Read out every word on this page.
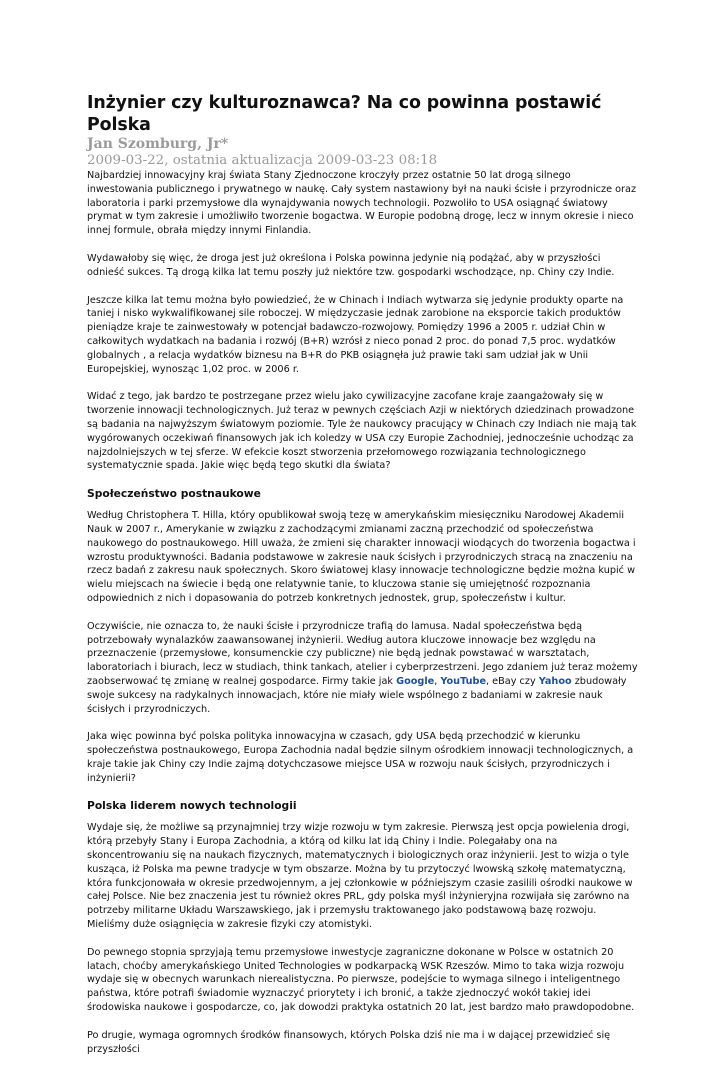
Inżynier czy kulturoznawca? Na co powinna postawić Polska
Jan Szomburg, Jr*
2009-03-22, ostatnia aktualizacja 2009-03-23 08:18

Najbardziej innowacyjny kraj świata Stany Zjednoczone kroczyły przez ostatnie 50 lat drogą silnego inwestowania publicznego i prywatnego w naukę. Cały system nastawiony był na nauki ścisłe i przyrodnicze oraz laboratoria i parki przemysłowe dla wynajdywania nowych technologii. Pozwoliło to USA osiągnąć światowy prymat w tym zakresie i umożliwiło tworzenie bogactwa. W Europie podobną drogę, lecz w innym okresie i nieco innej formule, obrała między innymi Finlandia.

Wydawałoby się więc, że droga jest już określona i Polska powinna jedynie nią podążać, aby w przyszłości odnieść sukces. Tą drogą kilka lat temu poszły już niektóre tzw. gospodarki wschodzące, np. Chiny czy Indie.

Jeszcze kilka lat temu można było powiedzieć, że w Chinach i Indiach wytwarza się jedynie produkty oparte na taniej i nisko wykwalifikowanej sile roboczej. W międzyczasie jednak zarobione na eksporcie takich produktów pieniądze kraje te zainwestowały w potencjał badawczo-rozwojowy. Pomiędzy 1996 a 2005 r. udział Chin w całkowitych wydatkach na badania i rozwój (B+R) wzrósł z nieco ponad 2 proc. do ponad 7,5 proc. wydatków globalnych , a relacja wydatków biznesu na B+R do PKB osiągnęła już prawie taki sam udział jak w Unii Europejskiej, wynosząc 1,02 proc. w 2006 r.

Widać z tego, jak bardzo te postrzegane przez wielu jako cywilizacyjne zacofane kraje zaangażowały się w tworzenie innowacji technologicznych. Już teraz w pewnych częściach Azji w niektórych dziedzinach prowadzone są badania na najwyższym światowym poziomie. Tyle że naukowcy pracujący w Chinach czy Indiach nie mają tak wygórowanych oczekiwań finansowych jak ich koledzy w USA czy Europie Zachodniej, jednocześnie uchodząc za najzdolniejszych w tej sferze. W efekcie koszt stworzenia przełomowego rozwiązania technologicznego systematycznie spada. Jakie więc będą tego skutki dla świata?

Społeczeństwo postnaukowe

Według Christophera T. Hilla, który opublikował swoją tezę w amerykańskim miesięczniku Narodowej Akademii Nauk w 2007 r., Amerykanie w związku z zachodzącymi zmianami zaczną przechodzić od społeczeństwa naukowego do postnaukowego. Hill uważa, że zmieni się charakter innowacji wiodących do tworzenia bogactwa i wzrostu produktywności. Badania podstawowe w zakresie nauk ścisłych i przyrodniczych stracą na znaczeniu na rzecz badań z zakresu nauk społecznych. Skoro światowej klasy innowacje technologiczne będzie można kupić w wielu miejscach na świecie i będą one relatywnie tanie, to kluczowa stanie się umiejętność rozpoznania odpowiednich z nich i dopasowania do potrzeb konkretnych jednostek, grup, społeczeństw i kultur.

Oczywiście, nie oznacza to, że nauki ścisłe i przyrodnicze trafią do lamusa. Nadal społeczeństwa będą potrzebowały wynalazków zaawansowanej inżynierii. Według autora kluczowe innowacje bez względu na przeznaczenie (przemysłowe, konsumenckie czy publiczne) nie będą jednak powstawać w warsztatach, laboratoriach i biurach, lecz w studiach, think tankach, atelier i cyberprzestrzeni. Jego zdaniem już teraz możemy zaobserwować tę zmianę w realnej gospodarce. Firmy takie jak Google, YouTube, eBay czy Yahoo zbudowały swoje sukcesy na radykalnych innowacjach, które nie miały wiele wspólnego z badaniami w zakresie nauk ścisłych i przyrodniczych.

Jaka więc powinna być polska polityka innowacyjna w czasach, gdy USA będą przechodzić w kierunku społeczeństwa postnaukowego, Europa Zachodnia nadal będzie silnym ośrodkiem innowacji technologicznych, a kraje takie jak Chiny czy Indie zajmą dotychczasowe miejsce USA w rozwoju nauk ścisłych, przyrodniczych i inżynierii?

Polska liderem nowych technologii

Wydaje się, że możliwe są przynajmniej trzy wizje rozwoju w tym zakresie. Pierwszą jest opcja powielenia drogi, którą przebyły Stany i Europa Zachodnia, a którą od kilku lat idą Chiny i Indie. Polegałaby ona na skoncentrowaniu się na naukach fizycznych, matematycznych i biologicznych oraz inżynierii. Jest to wizja o tyle kusząca, iż Polska ma pewne tradycje w tym obszarze. Można by tu przytoczyć lwowską szkołę matematyczną, która funkcjonowała w okresie przedwojennym, a jej członkowie w późniejszym czasie zasilili ośrodki naukowe w całej Polsce. Nie bez znaczenia jest tu również okres PRL, gdy polska myśl inżynieryjna rozwijała się zarówno na potrzeby militarne Układu Warszawskiego, jak i przemysłu traktowanego jako podstawową bazę rozwoju. Mieliśmy duże osiągnięcia w zakresie fizyki czy atomistyki.

Do pewnego stopnia sprzyjają temu przemysłowe inwestycje zagraniczne dokonane w Polsce w ostatnich 20 latach, choćby amerykańskiego United Technologies w podkarpacką WSK Rzeszów. Mimo to taka wizja rozwoju wydaje się w obecnych warunkach nierealistyczna. Po pierwsze, podejście to wymaga silnego i inteligentnego państwa, które potrafi świadomie wyznaczyć priorytety i ich bronić, a także zjednoczyć wokół takiej idei środowiska naukowe i gospodarcze, co, jak dowodzi praktyka ostatnich 20 lat, jest bardzo mało prawdopodobne.

Po drugie, wymaga ogromnych środków finansowych, których Polska dziś nie ma i w dającej przewidzieć się przyszłości
